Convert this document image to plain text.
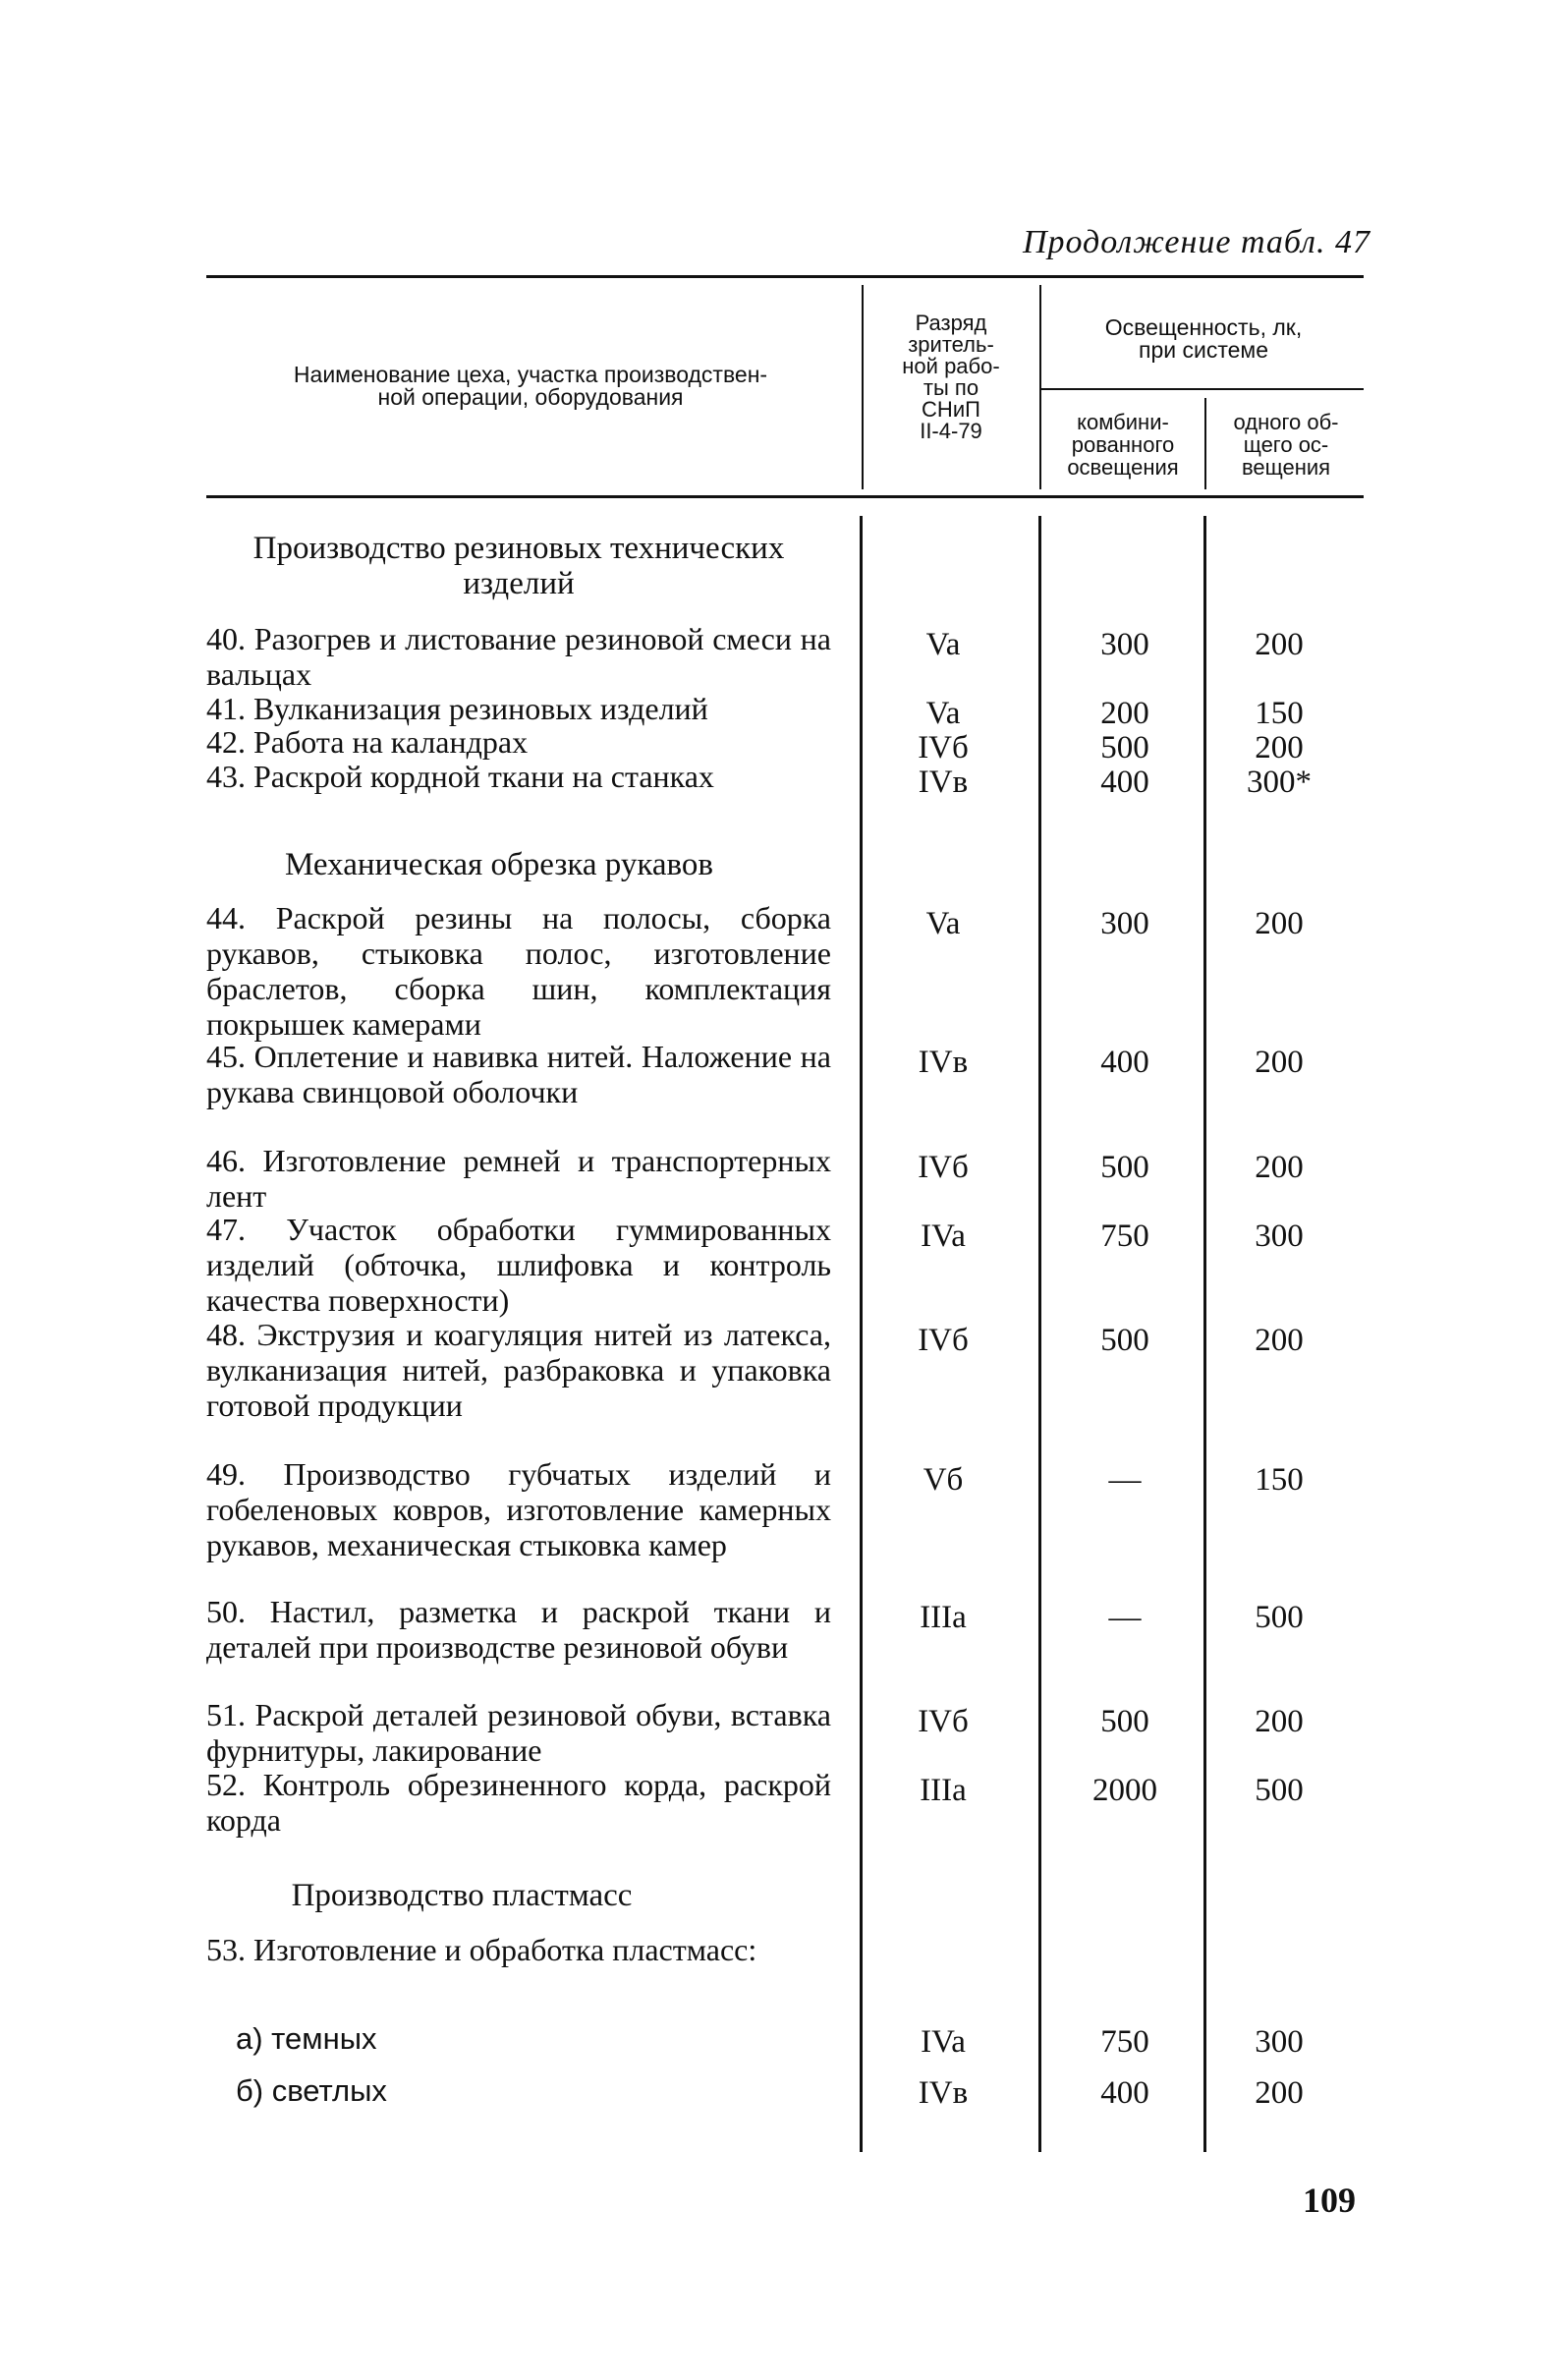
Продолжение табл. 47
Наименование цеха, участка производствен-
ной операции, оборудования
Разряд
зритель-
ной рабо-
ты по
СНиП
II-4-79
Освещенность, лк,
при системе
комбини-
рованного
освещения
одного об-
щего ос-
вещения
Производство резиновых технических изделий
40. Разогрев и листование резиновой смеси на вальцах
Va	300	200
41. Вулканизация резиновых изделий	Va	200	150
42. Работа на каландрах	IVб	500	200
43. Раскрой кордной ткани на станках	IVв	400	300*
Механическая обрезка рукавов
44. Раскрой резины на полосы, сборка рукавов, стыковка полос, изготовление браслетов, сборка шин, комплектация покрышек камерами
Va	300	200
45. Оплетение и навивка нитей. Наложение на рукава свинцовой оболочки
IVв	400	200
46. Изготовление ремней и транспортерных лент
IVб	500	200
47. Участок обработки гуммированных изделий (обточка, шлифовка и контроль качества поверхности)
IVa	750	300
48. Экструзия и коагуляция нитей из латекса, вулканизация нитей, разбраковка и упаковка готовой продукции
IVб	500	200
49. Производство губчатых изделий и гобеленовых ковров, изготовление камерных рукавов, механическая стыковка камер
Vб	—	150
50. Настил, разметка и раскрой ткани и деталей при производстве резиновой обуви
IIIa	—	500
51. Раскрой деталей резиновой обуви, вставка фурнитуры, лакирование
IVб	500	200
52. Контроль обрезиненного корда, раскрой корда
IIIa	2000	500
Производство пластмасс
53. Изготовление и обработка пластмасс:
а) темных	IVa	750	300
б) светлых	IVв	400	200
109
